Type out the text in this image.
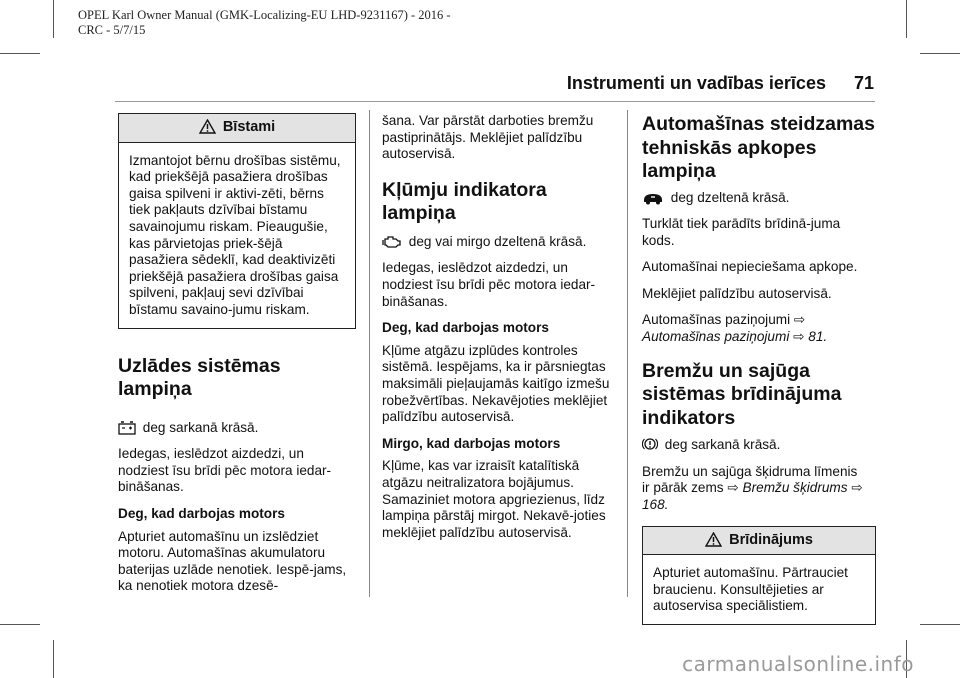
OPEL Karl Owner Manual (GMK-Localizing-EU LHD-9231167) - 2016 -
CRC - 5/7/15
Instrumenti un vadības ierīces 71
Bīstami
Izmantojot bērnu drošības sistēmu, kad priekšējā pasažiera drošības gaisa spilveni ir aktivi-zēti, bērns tiek pakļauts dzīvībai bīstamu savainojumu riskam. Pieaugušie, kas pārvietojas priek-šējā pasažiera sēdeklī, kad deaktivizēti priekšējā pasažiera drošības gaisa spilveni, pakļauj sevi dzīvībai bīstamu savaino-jumu riskam.
Uzlādes sistēmas lampiņa

deg sarkanā krāsā.

Iedegas, ieslēdzot aizdedzi, un nodziest īsu brīdi pēc motora iedar-bināšanas.

Deg, kad darbojas motors

Apturiet automašīnu un izslēdziet motoru. Automašīnas akumulatoru baterijas uzlāde nenotiek. Iespē-jams, ka nenotiek motora dzesē-

šana. Var pārstāt darboties bremžu pastiprinātājs. Meklējiet palīdzību autoservisā.

Kļūmju indikatora lampiņa

deg vai mirgo dzeltenā krāsā.

Iedegas, ieslēdzot aizdedzi, un nodziest īsu brīdi pēc motora iedar-bināšanas.

Deg, kad darbojas motors

Kļūme atgāzu izplūdes kontroles sistēmā. Iespējams, ka ir pārsniegtas maksimāli pieļaujamās kaitīgo izmešu robežvērtības. Nekavējoties meklējiet palīdzību autoservisā.

Mirgo, kad darbojas motors

Kļūme, kas var izraisīt katalītiskā atgāzu neitralizatora bojājumus. Samaziniet motora apgriezienus, līdz lampiņa pārstāj mirgot. Nekavē-joties meklējiet palīdzību autoservisā.

Automašīnas steidzamas tehniskās apkopes lampiņa

deg dzeltenā krāsā.

Turklāt tiek parādīts brīdinā-juma kods.

Automašīnai nepieciešama apkope.

Meklējiet palīdzību autoservisā.

Automašīnas paziņojumi ⇨
Automašīnas paziņojumi ⇨ 81.

Bremžu un sajūga sistēmas brīdinājuma indikators

deg sarkanā krāsā.

Bremžu un sajūga šķidruma līmenis
ir pārāk zems ⇨ Bremžu šķidrums ⇨ 168.

Brīdinājums
Apturiet automašīnu. Pārtrauciet braucienu. Konsultējieties ar autoservisa speciālistiem.
carmanualsonline.info
